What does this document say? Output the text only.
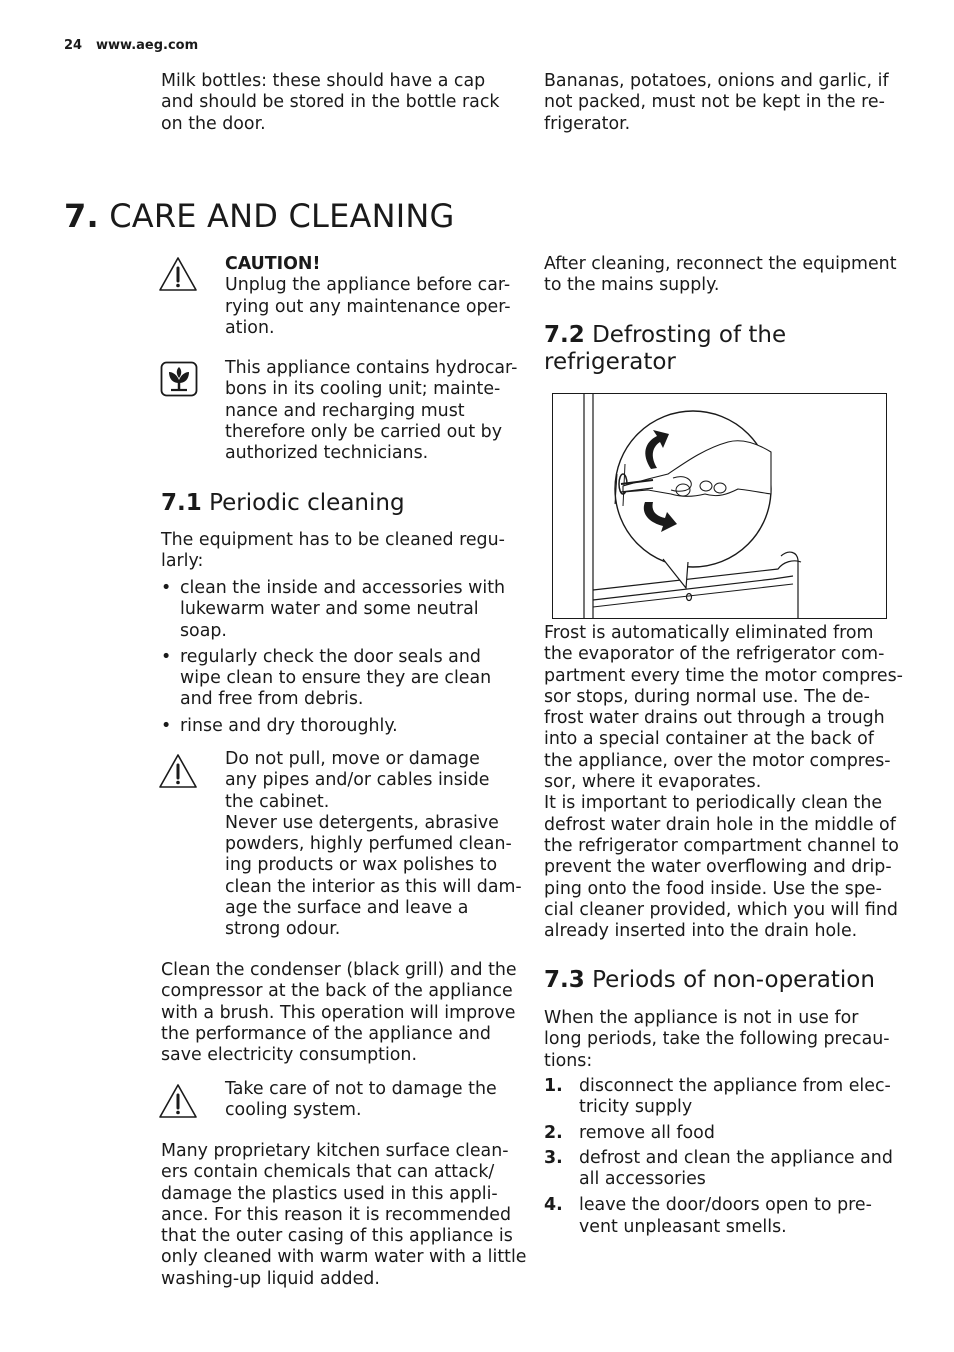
24 www.aeg.com
Milk bottles: these should have a cap
and should be stored in the bottle rack
on the door.
Bananas, potatoes, onions and garlic, if
not packed, must not be kept in the re-
frigerator.
7. CARE AND CLEANING
CAUTION!
Unplug the appliance before car-
rying out any maintenance oper-
ation.
This appliance contains hydrocar-
bons in its cooling unit; mainte-
nance and recharging must
therefore only be carried out by
authorized technicians.
7.1 Periodic cleaning
The equipment has to be cleaned regu-
larly:
• clean the inside and accessories with
lukewarm water and some neutral
soap.
• regularly check the door seals and
wipe clean to ensure they are clean
and free from debris.
• rinse and dry thoroughly.
Do not pull, move or damage
any pipes and/or cables inside
the cabinet.
Never use detergents, abrasive
powders, highly perfumed clean-
ing products or wax polishes to
clean the interior as this will dam-
age the surface and leave a
strong odour.
Clean the condenser (black grill) and the
compressor at the back of the appliance
with a brush. This operation will improve
the performance of the appliance and
save electricity consumption.
Take care of not to damage the
cooling system.
Many proprietary kitchen surface clean-
ers contain chemicals that can attack/
damage the plastics used in this appli-
ance. For this reason it is recommended
that the outer casing of this appliance is
only cleaned with warm water with a little
washing-up liquid added.
After cleaning, reconnect the equipment
to the mains supply.
7.2 Defrosting of the
refrigerator
Frost is automatically eliminated from
the evaporator of the refrigerator com-
partment every time the motor compres-
sor stops, during normal use. The de-
frost water drains out through a trough
into a special container at the back of
the appliance, over the motor compres-
sor, where it evaporates.
It is important to periodically clean the
defrost water drain hole in the middle of
the refrigerator compartment channel to
prevent the water overflowing and drip-
ping onto the food inside. Use the spe-
cial cleaner provided, which you will find
already inserted into the drain hole.
7.3 Periods of non-operation
When the appliance is not in use for
long periods, take the following precau-
tions:
1. disconnect the appliance from elec-
tricity supply
2. remove all food
3. defrost and clean the appliance and
all accessories
4. leave the door/doors open to pre-
vent unpleasant smells.
